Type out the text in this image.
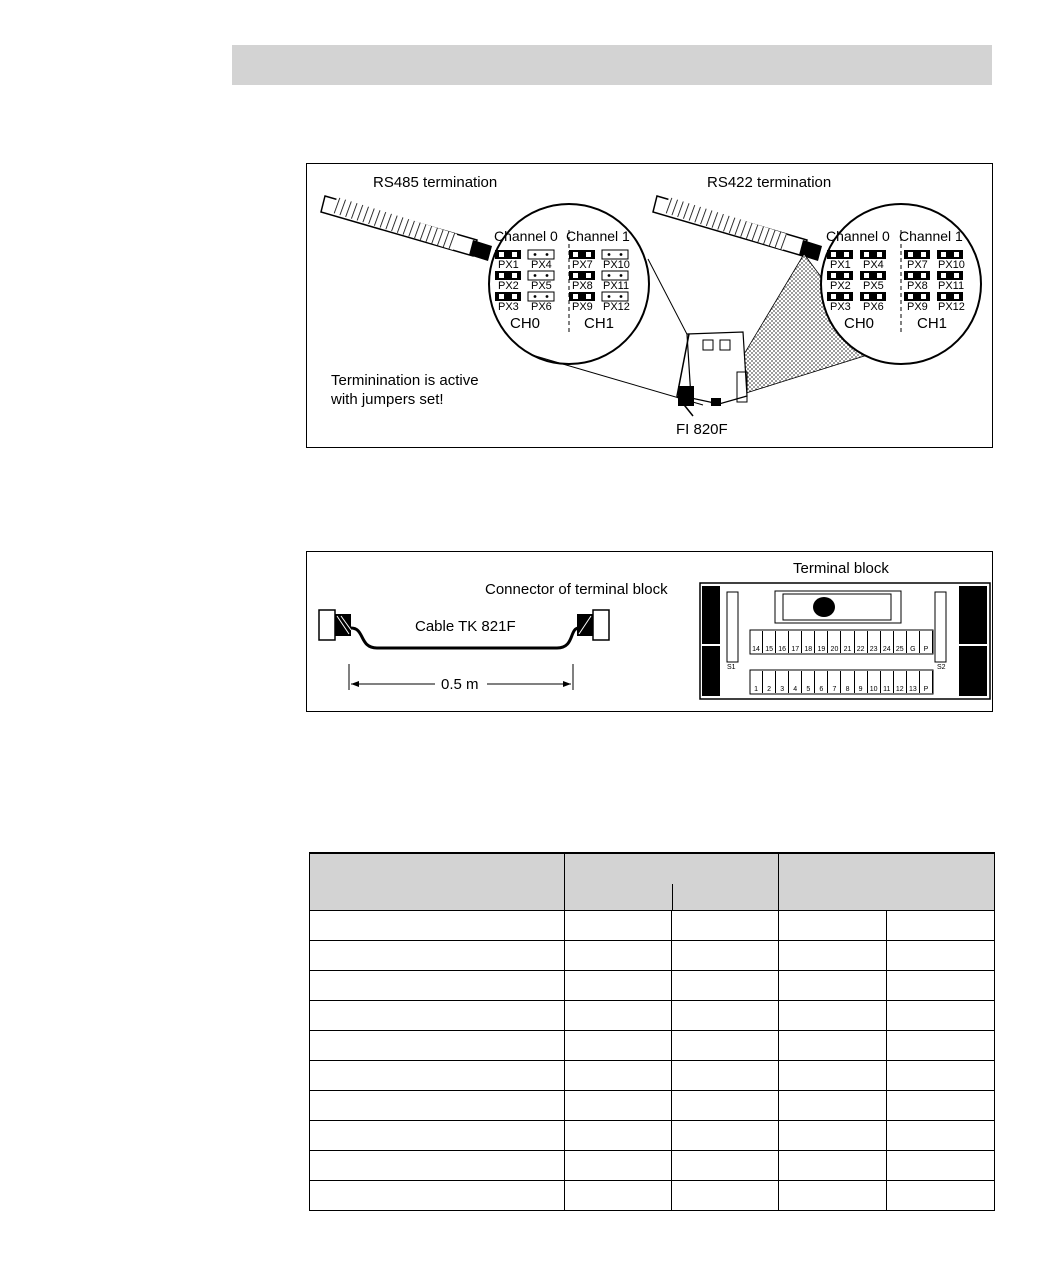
RS485 termination	RS422 termination
Channel 0 Channel 1
PX1 PX4 PX7 PX10
PX2 PX5 PX8 PX11
PX3 PX6 PX9 PX12
CH0	CH1
Channel 0 Channel 1
PX1 PX4 PX7 PX10
PX2 PX5 PX8 PX11
PX3 PX6 PX9 PX12
CH0	CH1
Terminination is active
with jumpers set!
FI 820F
Connector of terminal block
Terminal block
Cable TK 821F
0.5 m
S1	S2
14 15 16 17 18 19 20 21 22 23 24 25 G	P
1	2	3	4	5	6	7	8	9	10 11 12 13 P
